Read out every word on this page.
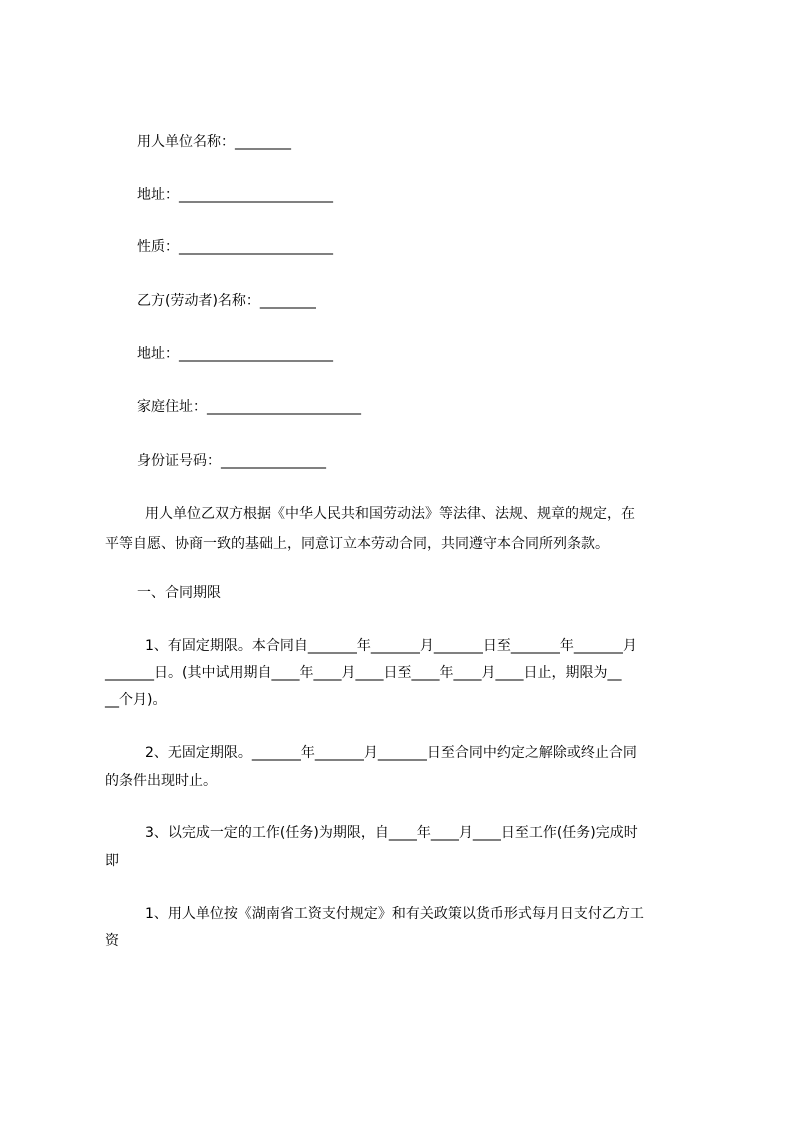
用人单位名称：________
地址：______________________
性质：______________________
乙方(劳动者)名称：________
地址：______________________
家庭住址：______________________
身份证号码：_______________
用人单位乙双方根据《中华人民共和国劳动法》等法律、法规、规章的规定，在
平等自愿、协商一致的基础上，同意订立本劳动合同，共同遵守本合同所列条款。
一、合同期限
1、有固定期限。本合同自_______年_______月_______日至_______年_______月
_______日。(其中试用期自____年____月____日至____年____月____日止，期限为__
__个月)。
2、无固定期限。_______年_______月_______日至合同中约定之解除或终止合同
的条件出现时止。
3、以完成一定的工作(任务)为期限，自____年____月____日至工作(任务)完成时
即
1、用人单位按《湖南省工资支付规定》和有关政策以货币形式每月日支付乙方工
资
